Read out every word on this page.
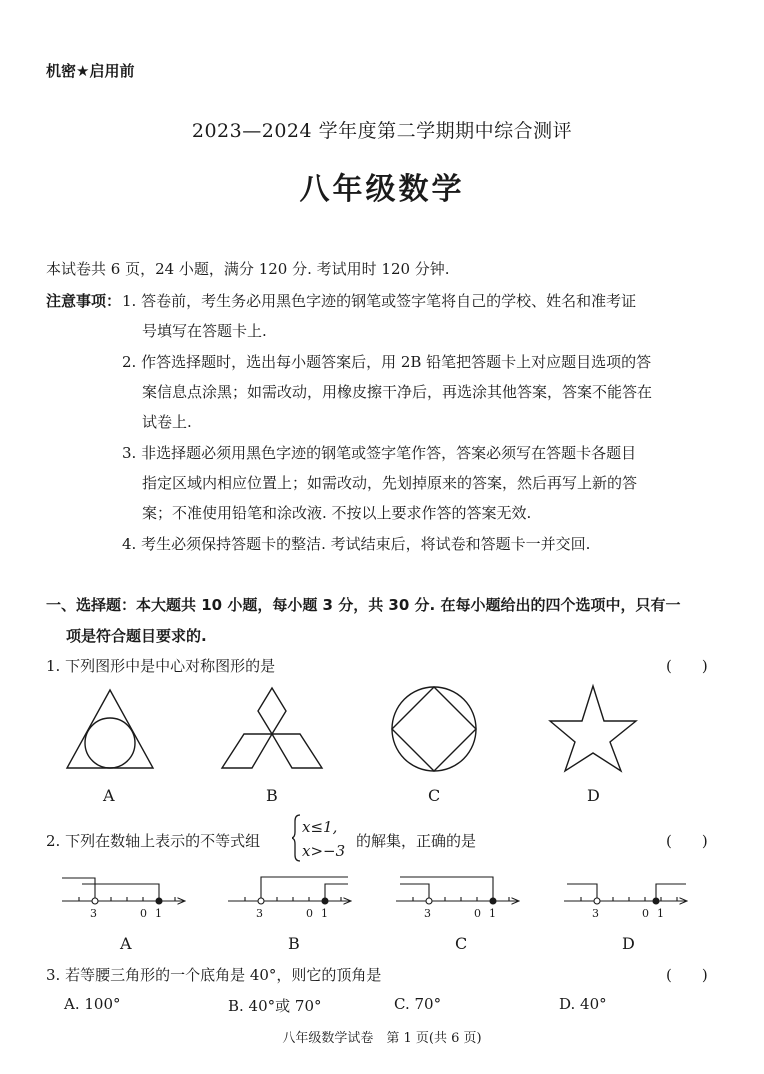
机密★启用前
2023—2024 学年度第二学期期中综合测评
八年级数学
本试卷共 6 页，24 小题，满分 120 分. 考试用时 120 分钟.
注意事项： 1. 答卷前，考生务必用黑色字迹的钢笔或签字笔将自己的学校、姓名和准考证
号填写在答题卡上.
2. 作答选择题时，选出每小题答案后，用 2B 铅笔把答题卡上对应题目选项的答
案信息点涂黑；如需改动，用橡皮擦干净后，再选涂其他答案，答案不能答在
试卷上.
3. 非选择题必须用黑色字迹的钢笔或签字笔作答，答案必须写在答题卡各题目
指定区域内相应位置上；如需改动，先划掉原来的答案，然后再写上新的答
案；不准使用铅笔和涂改液. 不按以上要求作答的答案无效.
4. 考生必须保持答题卡的整洁. 考试结束后，将试卷和答题卡一并交回.
一、选择题：本大题共 10 小题，每小题 3 分，共 30 分. 在每小题给出的四个选项中，只有一
项是符合题目要求的.
1. 下列图形中是中心对称图形的是	(　　)
A	B	C	D
2. 下列在数轴上表示的不等式组
x≤1,
x>−3
的解集，正确的是	(　　)
3	0 1	3	0 1	3	0 1	3	0 1
A	B	C	D
3. 若等腰三角形的一个底角是 40°，则它的顶角是	(　　)
A. 100°	B. 40°或 70°	C. 70°	D. 40°
八年级数学试卷　第 1 页(共 6 页)
